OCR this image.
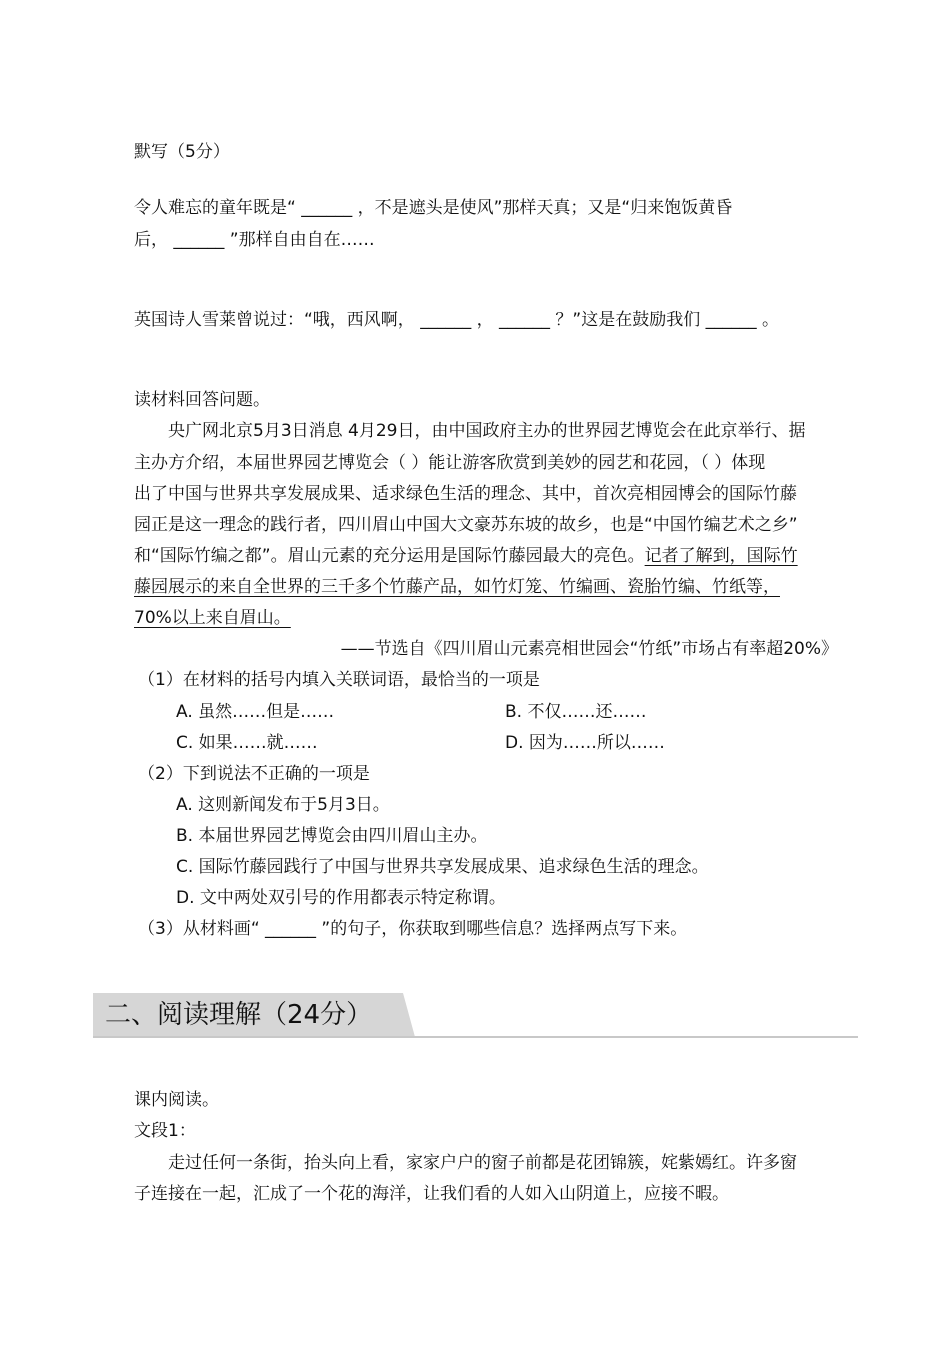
默写（5分）
令人难忘的童年既是“ ______ ，不是遮头是使风”那样天真；又是“归来饱饭黄昏
后， ______ ”那样自由自在……
英国诗人雪莱曾说过：“哦，西风啊， ______ ， ______ ？”这是在鼓励我们 ______ 。
读材料回答问题。
央广网北京5月3日消息 4月29日，由中国政府主办的世界园艺博览会在此京举行、据
主办方介绍，本届世界园艺博览会（ ）能让游客欣赏到美妙的园艺和花园，（ ）体现
出了中国与世界共享发展成果、适求绿色生活的理念、其中，首次亮相园博会的国际竹藤
园正是这一理念的践行者，四川眉山中国大文豪苏东坡的故乡，也是“中国竹编艺术之乡”
和“国际竹编之都”。眉山元素的充分运用是国际竹藤园最大的亮色。记者了解到，国际竹
藤园展示的来自全世界的三千多个竹藤产品，如竹灯笼、竹编画、瓷胎竹编、竹纸等，
70%以上来自眉山。
——节选自《四川眉山元素亮相世园会“竹纸”市场占有率超20%》
（1）在材料的括号内填入关联词语，最恰当的一项是
A. 虽然……但是……	B. 不仅……还……
C. 如果……就……	D. 因为……所以……
（2）下到说法不正确的一项是
A. 这则新闻发布于5月3日。
B. 本届世界园艺博览会由四川眉山主办。
C. 国际竹藤园践行了中国与世界共享发展成果、追求绿色生活的理念。
D. 文中两处双引号的作用都表示特定称谓。
（3）从材料画“ ______ ”的句子，你获取到哪些信息？选择两点写下来。
二、阅读理解（24分）
课内阅读。
文段1：
走过任何一条街，抬头向上看，家家户户的窗子前都是花团锦簇，姹紫嫣红。许多窗
子连接在一起，汇成了一个花的海洋，让我们看的人如入山阴道上，应接不暇。
